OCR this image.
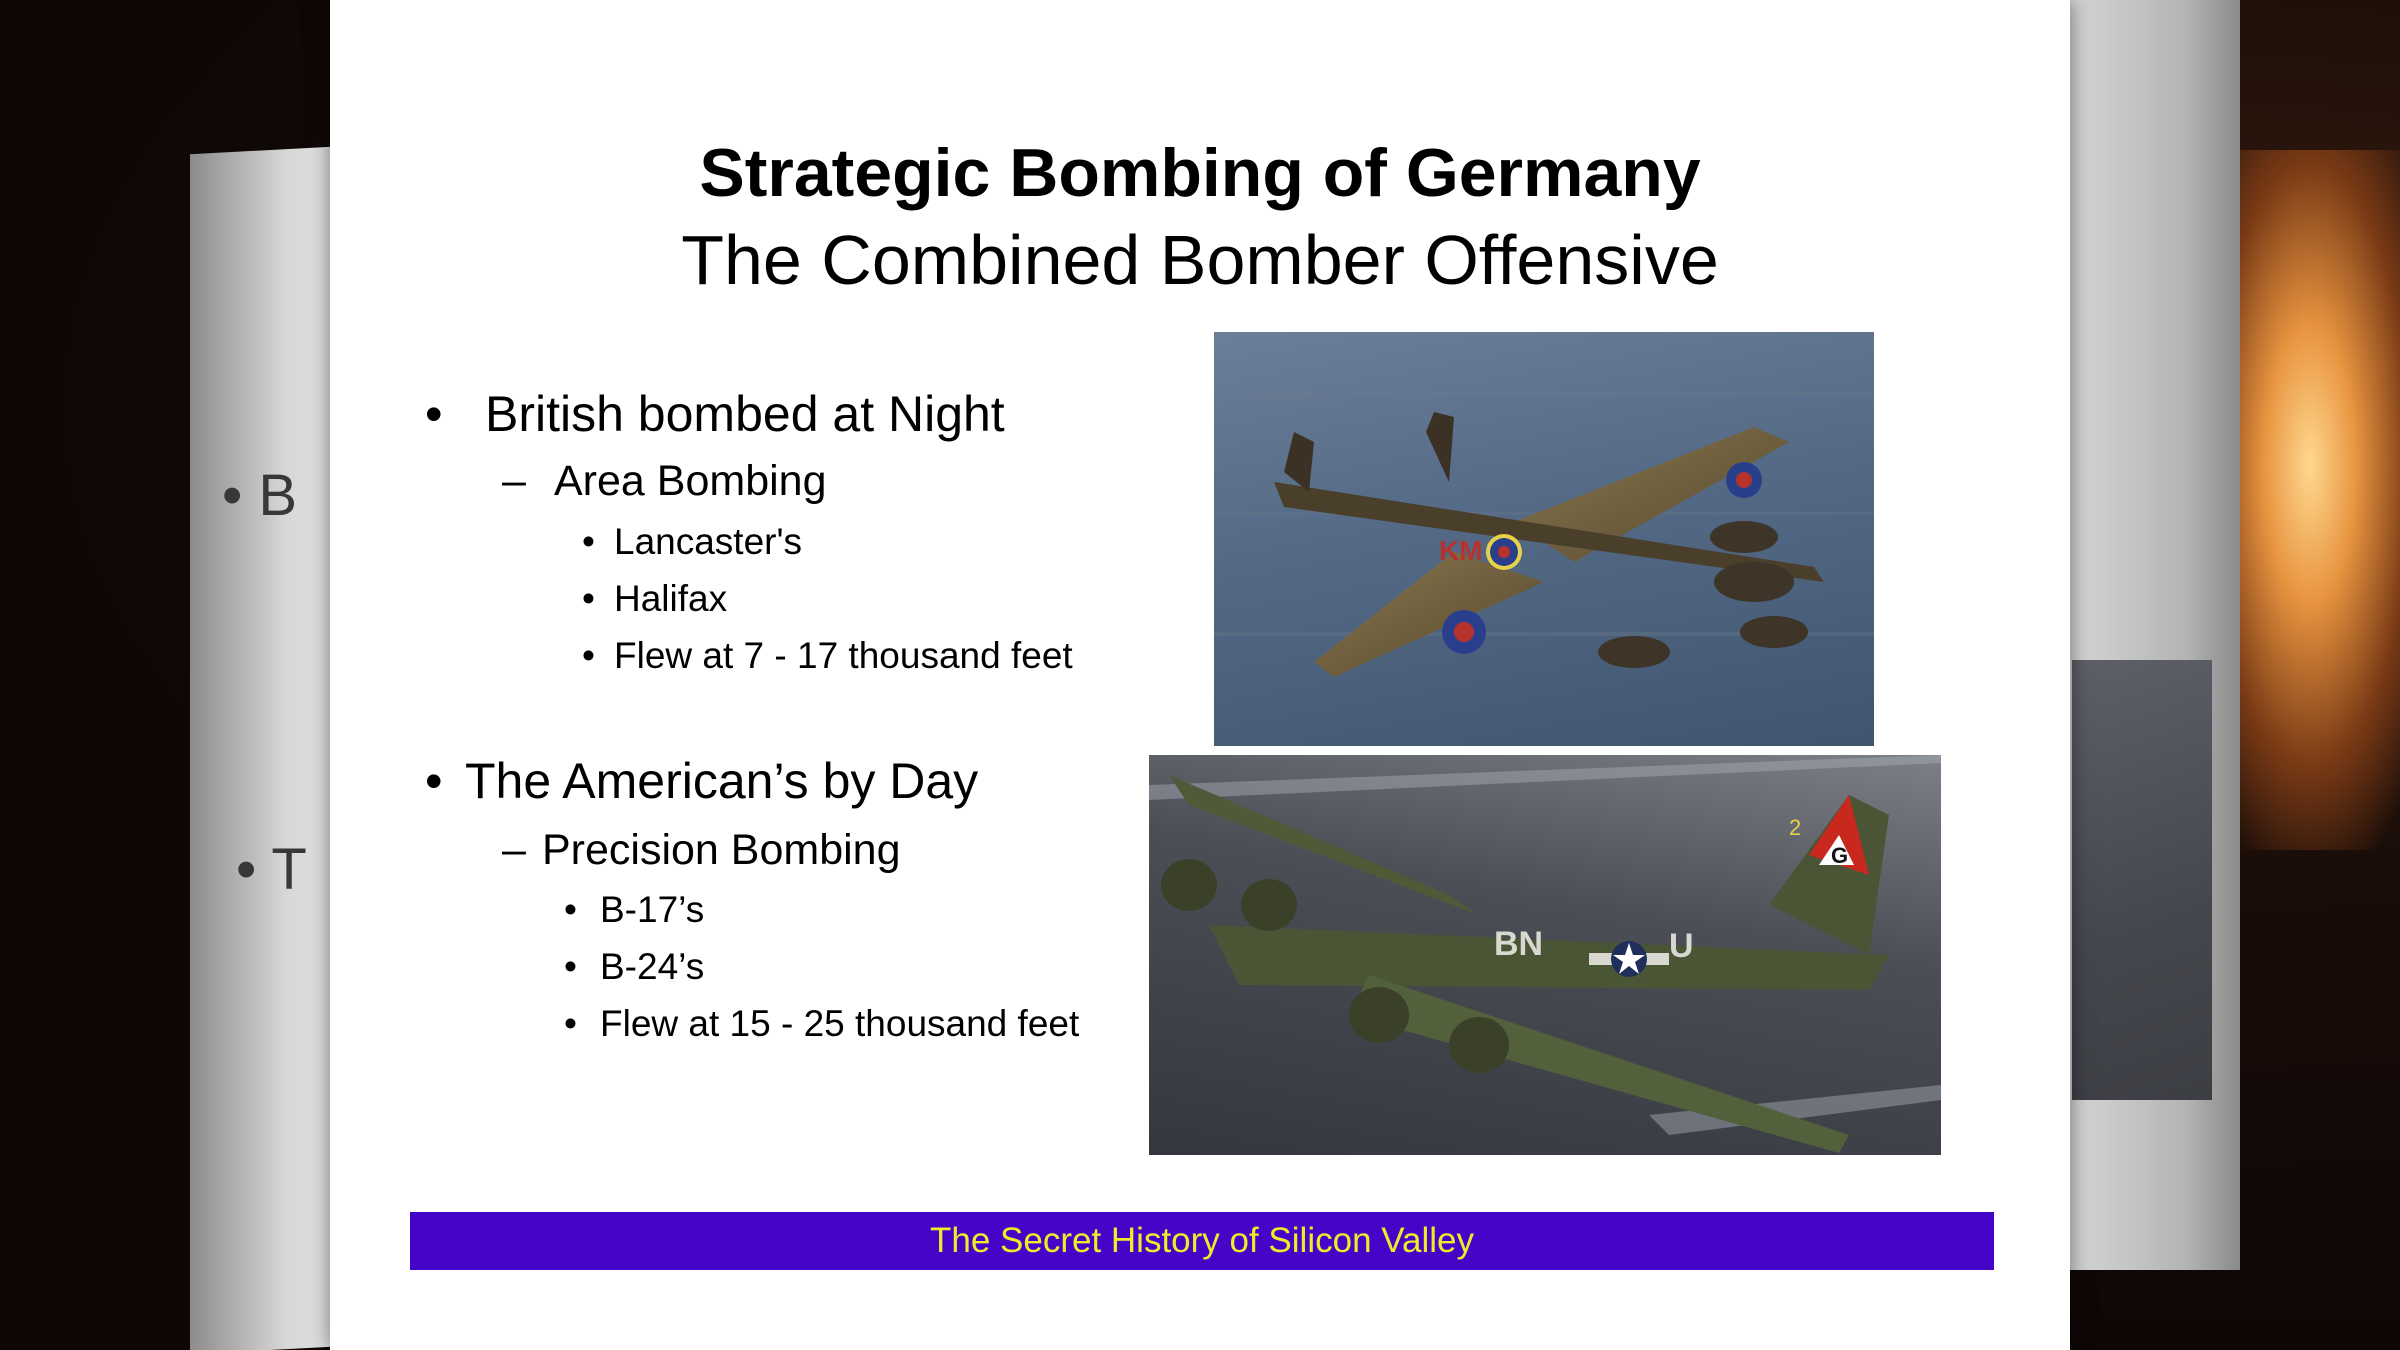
• B
• T
Strategic Bombing of Germany
The Combined Bomber Offensive
• British bombed at Night

– Area Bombing

• Lancaster's

• Halifax

• Flew at 7 - 17 thousand feet

• The American’s by Day

– Precision Bombing

• B-17’s

• B-24’s

• Flew at 15 - 25 thousand feet

KM
2
G
BN	U
The Secret History of Silicon Valley
